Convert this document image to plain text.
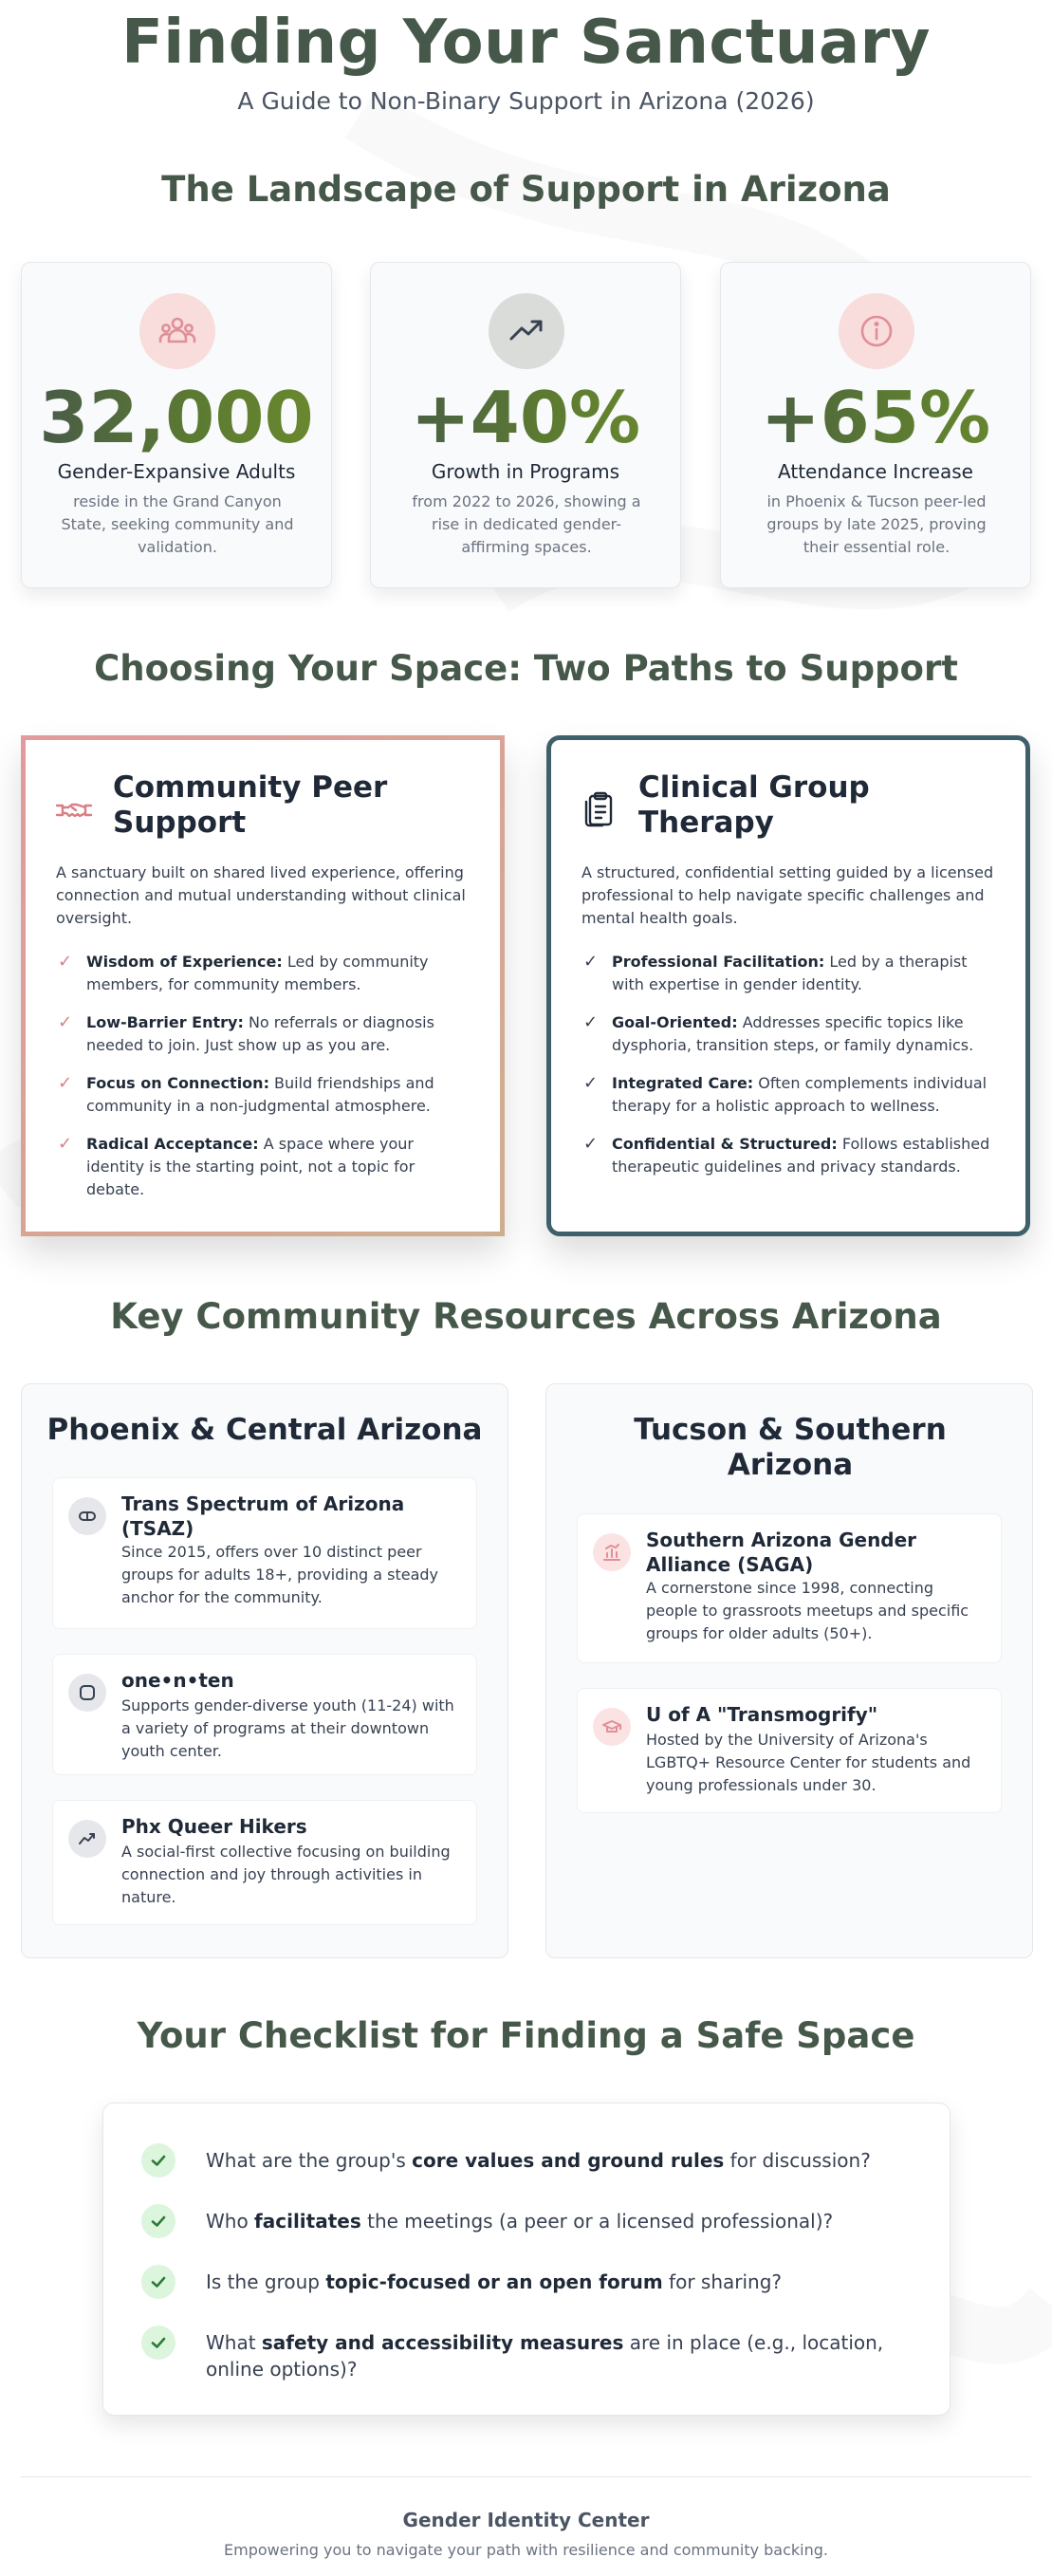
Finding Your Sanctuary

A Guide to Non-Binary Support in Arizona (2026)

The Landscape of Support in Arizona
32,000
Gender-Expansive Adults

reside in the Grand Canyon State, seeking community and validation.

+40%
Growth in Programs

from 2022 to 2026, showing a rise in dedicated gender-affirming spaces.

+65%
Attendance Increase

in Phoenix & Tucson peer-led groups by late 2025, proving their essential role.

Choosing Your Space: Two Paths to Support
Community Peer Support

A sanctuary built on shared lived experience, offering connection and mutual understanding without clinical oversight.

✓ Wisdom of Experience: Led by community members, for community members.
✓ Low-Barrier Entry: No referrals or diagnosis needed to join. Just show up as you are.
✓ Focus on Connection: Build friendships and community in a non-judgmental atmosphere.
✓ Radical Acceptance: A space where your identity is the starting point, not a topic for debate.
Clinical Group Therapy

A structured, confidential setting guided by a licensed professional to help navigate specific challenges and mental health goals.

✓ Professional Facilitation: Led by a therapist with expertise in gender identity.
✓ Goal-Oriented: Addresses specific topics like dysphoria, transition steps, or family dynamics.
✓ Integrated Care: Often complements individual therapy for a holistic approach to wellness.
✓ Confidential & Structured: Follows established therapeutic guidelines and privacy standards.
Key Community Resources Across Arizona
Phoenix & Central Arizona
Trans Spectrum of Arizona (TSAZ)

Since 2015, offers over 10 distinct peer groups for adults 18+, providing a steady anchor for the community.

one•n•ten

Supports gender-diverse youth (11-24) with a variety of programs at their downtown youth center.

Phx Queer Hikers

A social-first collective focusing on building connection and joy through activities in nature.

Tucson & Southern Arizona
Southern Arizona Gender Alliance (SAGA)

A cornerstone since 1998, connecting people to grassroots meetups and specific groups for older adults (50+).

U of A "Transmogrify"

Hosted by the University of Arizona's LGBTQ+ Resource Center for students and young professionals under 30.

Your Checklist for Finding a Safe Space

What are the group's core values and ground rules for discussion?

Who facilitates the meetings (a peer or a licensed professional)?

Is the group topic-focused or an open forum for sharing?

What safety and accessibility measures are in place (e.g., location, online options)?

Gender Identity Center
Empowering you to navigate your path with resilience and community backing.
